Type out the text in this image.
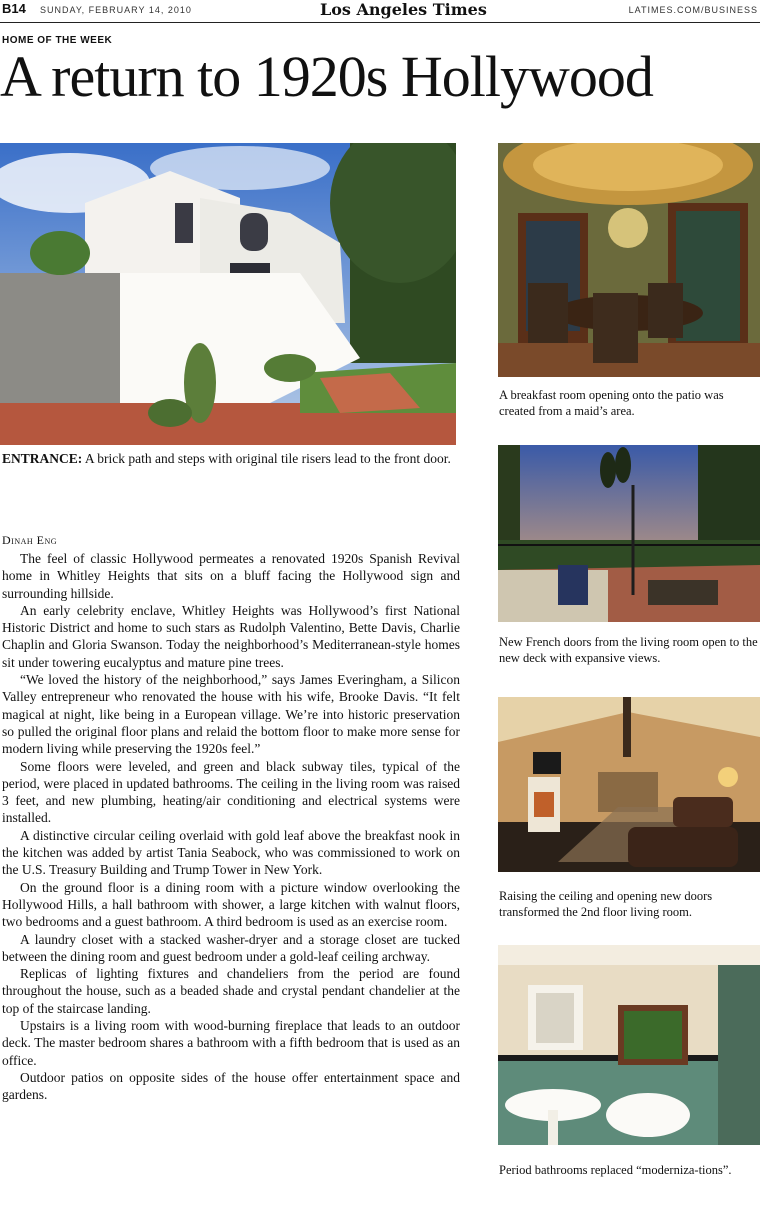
B14 SUNDAY, FEBRUARY 14, 2010	Los Angeles Times	LATIMES.COM/BUSINESS
HOME OF THE WEEK
A return to 1920s Hollywood
ENTRANCE: A brick path and steps with original tile risers lead to the front door.
A breakfast room opening onto the patio was created from a maid’s area.
New French doors from the living room open to the new deck with expansive views.
Raising the ceiling and opening new doors transformed the 2nd floor living room.
Period bathrooms replaced “moderniza-tions”.
Dinah Eng

The feel of classic Hollywood permeates a renovated 1920s Spanish Revival home in Whitley Heights that sits on a bluff facing the Hollywood sign and surrounding hillside.

An early celebrity enclave, Whitley Heights was Hollywood’s first National Historic District and home to such stars as Rudolph Valentino, Bette Davis, Charlie Chaplin and Gloria Swanson. Today the neighborhood’s Mediterranean-style homes sit under towering eucalyptus and mature pine trees.

“We loved the history of the neighborhood,” says James Everingham, a Silicon Valley entrepreneur who renovated the house with his wife, Brooke Davis. “It felt magical at night, like being in a European village. We’re into historic preservation so pulled the original floor plans and relaid the bottom floor to make more sense for modern living while preserving the 1920s feel.”

Some floors were leveled, and green and black subway tiles, typical of the period, were placed in updated bathrooms. The ceiling in the living room was raised 3 feet, and new plumbing, heating/air conditioning and electrical systems were installed.

A distinctive circular ceiling overlaid with gold leaf above the breakfast nook in the kitchen was added by artist Tania Seabock, who was commissioned to work on the U.S. Treasury Building and Trump Tower in New York.

On the ground floor is a dining room with a picture window overlooking the Hollywood Hills, a hall bathroom with shower, a large kitchen with walnut floors, two bedrooms and a guest bathroom. A third bedroom is used as an exercise room.

A laundry closet with a stacked washer-dryer and a storage closet are tucked between the dining room and guest bedroom under a gold-leaf ceiling archway.

Replicas of lighting fixtures and chandeliers from the period are found throughout the house, such as a beaded shade and crystal pendant chandelier at the top of the staircase landing.

Upstairs is a living room with wood-burning fireplace that leads to an outdoor deck. The master bedroom shares a bathroom with a fifth bedroom that is used as an office.

Outdoor patios on opposite sides of the house offer entertainment space and gardens.
